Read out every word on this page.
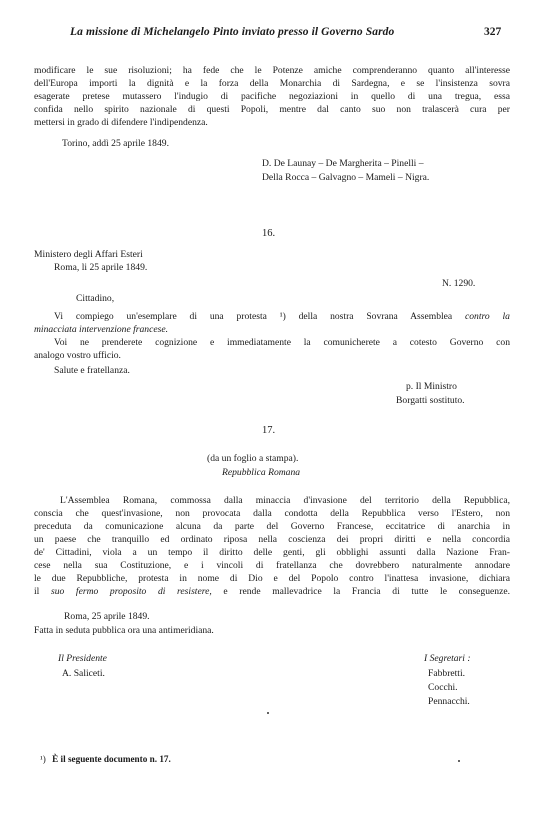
La missione di Michelangelo Pinto inviato presso il Governo Sardo	327
modificare le sue risoluzioni; ha fede che le Potenze amiche comprenderanno quanto all'interesse
dell'Europa importi la dignità e la forza della Monarchia di Sardegna, e se l'insistenza sovra
esagerate pretese mutassero l'indugio di pacifiche negoziazioni in quello di una tregua, essa
confida nello spirito nazionale di questi Popoli, mentre dal canto suo non tralascerà cura per
mettersi in grado di difendere l'indipendenza.
Torino, addì 25 aprile 1849.
D. De Launay – De Margherita – Pinelli –
Della Rocca – Galvagno – Mameli – Nigra.
16.
Ministero degli Affari Esteri
Roma, li 25 aprile 1849.
N. 1290.
Cittadino,
Vi compiego un'esemplare di una protesta ¹) della nostra Sovrana Assemblea contro la
minacciata intervenzione francese.
Voi ne prenderete cognizione e immediatamente la comunicherete a cotesto Governo con
analogo vostro ufficio.
Salute e fratellanza.
p. Il Ministro
Borgatti sostituto.
17.
(da un foglio a stampa).
Repubblica Romana
L'Assemblea Romana, commossa dalla minaccia d'invasione del territorio della Repubblica,
conscia che quest'invasione, non provocata dalla condotta della Repubblica verso l'Estero, non
preceduta da comunicazione alcuna da parte del Governo Francese, eccitatrice di anarchia in
un paese che tranquillo ed ordinato riposa nella coscienza dei propri diritti e nella concordia
de' Cittadini, viola a un tempo il diritto delle genti, gli obblighi assunti dalla Nazione Fran-
cese nella sua Costituzione, e i vincoli di fratellanza che dovrebbero naturalmente annodare
le due Repubbliche, protesta in nome di Dio e del Popolo contro l'inattesa invasione, dichiara
il suo fermo proposito di resistere, e rende mallevadrice la Francia di tutte le conseguenze.
Roma, 25 aprile 1849.
Fatta in seduta pubblica ora una antimeridiana.
Il Presidente
A. Saliceti.
I Segretari :
Fabbretti.
Cocchi.
Pennacchi.
¹) È il seguente documento n. 17.
